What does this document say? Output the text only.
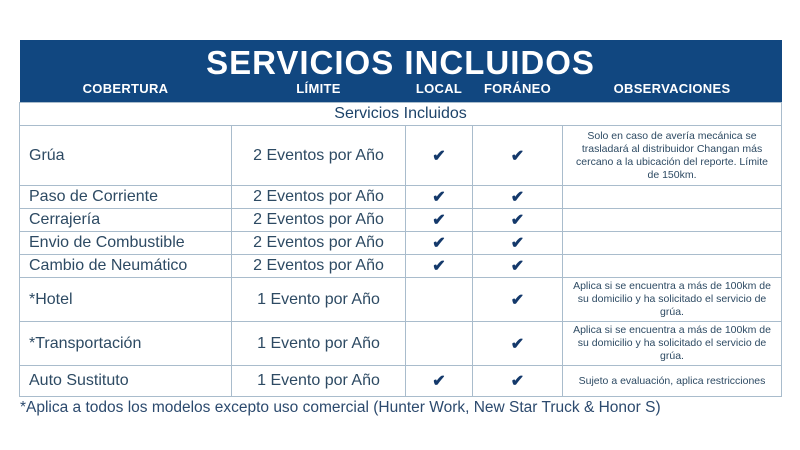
SERVICIOS INCLUIDOS				
COBERTURA	LÍMITE	LOCAL	FORÁNEO	OBSERVACIONES
Servicios Incluidos				
Grúa	2 Eventos por Año	✔	✔	Solo en caso de avería mecánica se trasladará al distribuidor Changan más cercano a la ubicación del reporte. Límite de 150km.
Paso de Corriente	2 Eventos por Año	✔	✔	
Cerrajería	2 Eventos por Año	✔	✔	
Envio de Combustible	2 Eventos por Año	✔	✔	
Cambio de Neumático	2 Eventos por Año	✔	✔	
*Hotel	1 Evento por Año		✔	Aplica si se encuentra a más de 100km de su domicilio y ha solicitado el servicio de grúa.
*Transportación	1 Evento por Año		✔	Aplica si se encuentra a más de 100km de su domicilio y ha solicitado el servicio de grúa.
Auto Sustituto	1 Evento por Año	✔	✔	Sujeto a evaluación, aplica restricciones
*Aplica a todos los modelos excepto uso comercial (Hunter Work, New Star Truck & Honor S)
